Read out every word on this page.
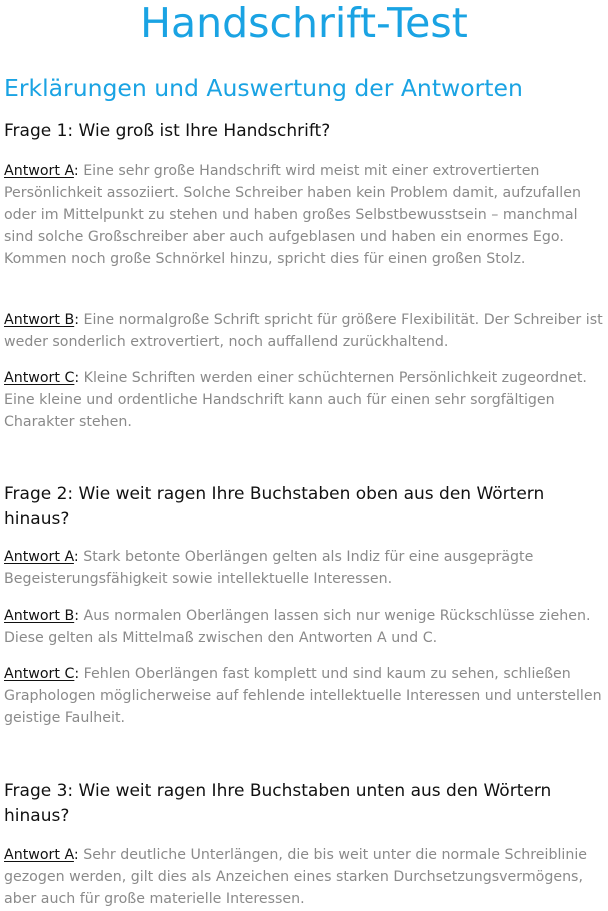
Handschrift-Test
Erklärungen und Auswertung der Antworten
Frage 1: Wie groß ist Ihre Handschrift?

Antwort A: Eine sehr große Handschrift wird meist mit einer extrovertierten Persönlichkeit assoziiert. Solche Schreiber haben kein Problem damit, aufzufallen oder im Mittelpunkt zu stehen und haben großes Selbstbewusstsein – manchmal sind solche Großschreiber aber auch aufgeblasen und haben ein enormes Ego. Kommen noch große Schnörkel hinzu, spricht dies für einen großen Stolz.

Antwort B: Eine normalgroße Schrift spricht für größere Flexibilität. Der Schreiber ist weder sonderlich extrovertiert, noch auffallend zurückhaltend.

Antwort C: Kleine Schriften werden einer schüchternen Persönlichkeit zugeordnet. Eine kleine und ordentliche Handschrift kann auch für einen sehr sorgfältigen Charakter stehen.

Frage 2: Wie weit ragen Ihre Buchstaben oben aus den Wörtern hinaus?

Antwort A: Stark betonte Oberlängen gelten als Indiz für eine ausgeprägte Begeisterungsfähigkeit sowie intellektuelle Interessen.

Antwort B: Aus normalen Oberlängen lassen sich nur wenige Rückschlüsse ziehen. Diese gelten als Mittelmaß zwischen den Antworten A und C.

Antwort C: Fehlen Oberlängen fast komplett und sind kaum zu sehen, schließen Graphologen möglicherweise auf fehlende intellektuelle Interessen und unterstellen geistige Faulheit.

Frage 3: Wie weit ragen Ihre Buchstaben unten aus den Wörtern hinaus?

Antwort A: Sehr deutliche Unterlängen, die bis weit unter die normale Schreiblinie gezogen werden, gilt dies als Anzeichen eines starken Durchsetzungsvermögens, aber auch für große materielle Interessen.
